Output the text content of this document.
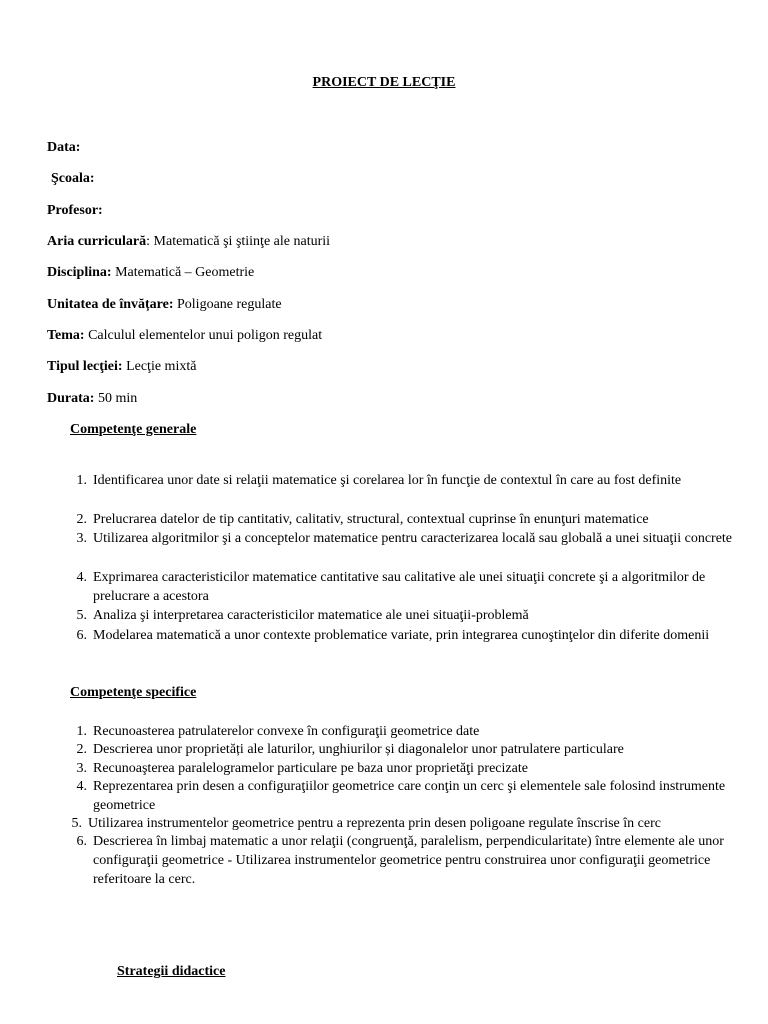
PROIECT DE LECŢIE
Data:
Şcoala:
Profesor:
Aria curriculară: Matematică şi ştiinţe ale naturii
Disciplina: Matematică – Geometrie
Unitatea de învățare: Poligoane regulate
Tema: Calculul elementelor unui poligon regulat
Tipul lecţiei: Lecţie mixtă
Durata: 50 min
Competenţe generale
1. Identificarea unor date si relaţii matematice şi corelarea lor în funcţie de contextul în care au fost definite
2. Prelucrarea datelor de tip cantitativ, calitativ, structural, contextual cuprinse în enunţuri matematice
3. Utilizarea algoritmilor şi a conceptelor matematice pentru caracterizarea locală sau globală a unei situaţii concrete
4. Exprimarea caracteristicilor matematice cantitative sau calitative ale unei situaţii concrete şi a algoritmilor de prelucrare a acestora
5. Analiza şi interpretarea caracteristicilor matematice ale unei situaţii-problemă
6. Modelarea matematică a unor contexte problematice variate, prin integrarea cunoştinţelor din diferite domenii
Competenţe specifice
1. Recunoasterea patrulaterelor convexe în configuraţii geometrice date
2. Descrierea unor proprietăți ale laturilor, unghiurilor și diagonalelor unor patrulatere particulare
3. Recunoaşterea paralelogramelor particulare pe baza unor proprietăţi precizate
4. Reprezentarea prin desen a configuraţiilor geometrice care conţin un cerc şi elementele sale folosind instrumente geometrice
5. Utilizarea instrumentelor geometrice pentru a reprezenta prin desen poligoane regulate înscrise în cerc
6. Descrierea în limbaj matematic a unor relaţii (congruenţă, paralelism, perpendicularitate) între elemente ale unor configuraţii geometrice - Utilizarea instrumentelor geometrice pentru construirea unor configuraţii geometrice referitoare la cerc.
Strategii didactice
